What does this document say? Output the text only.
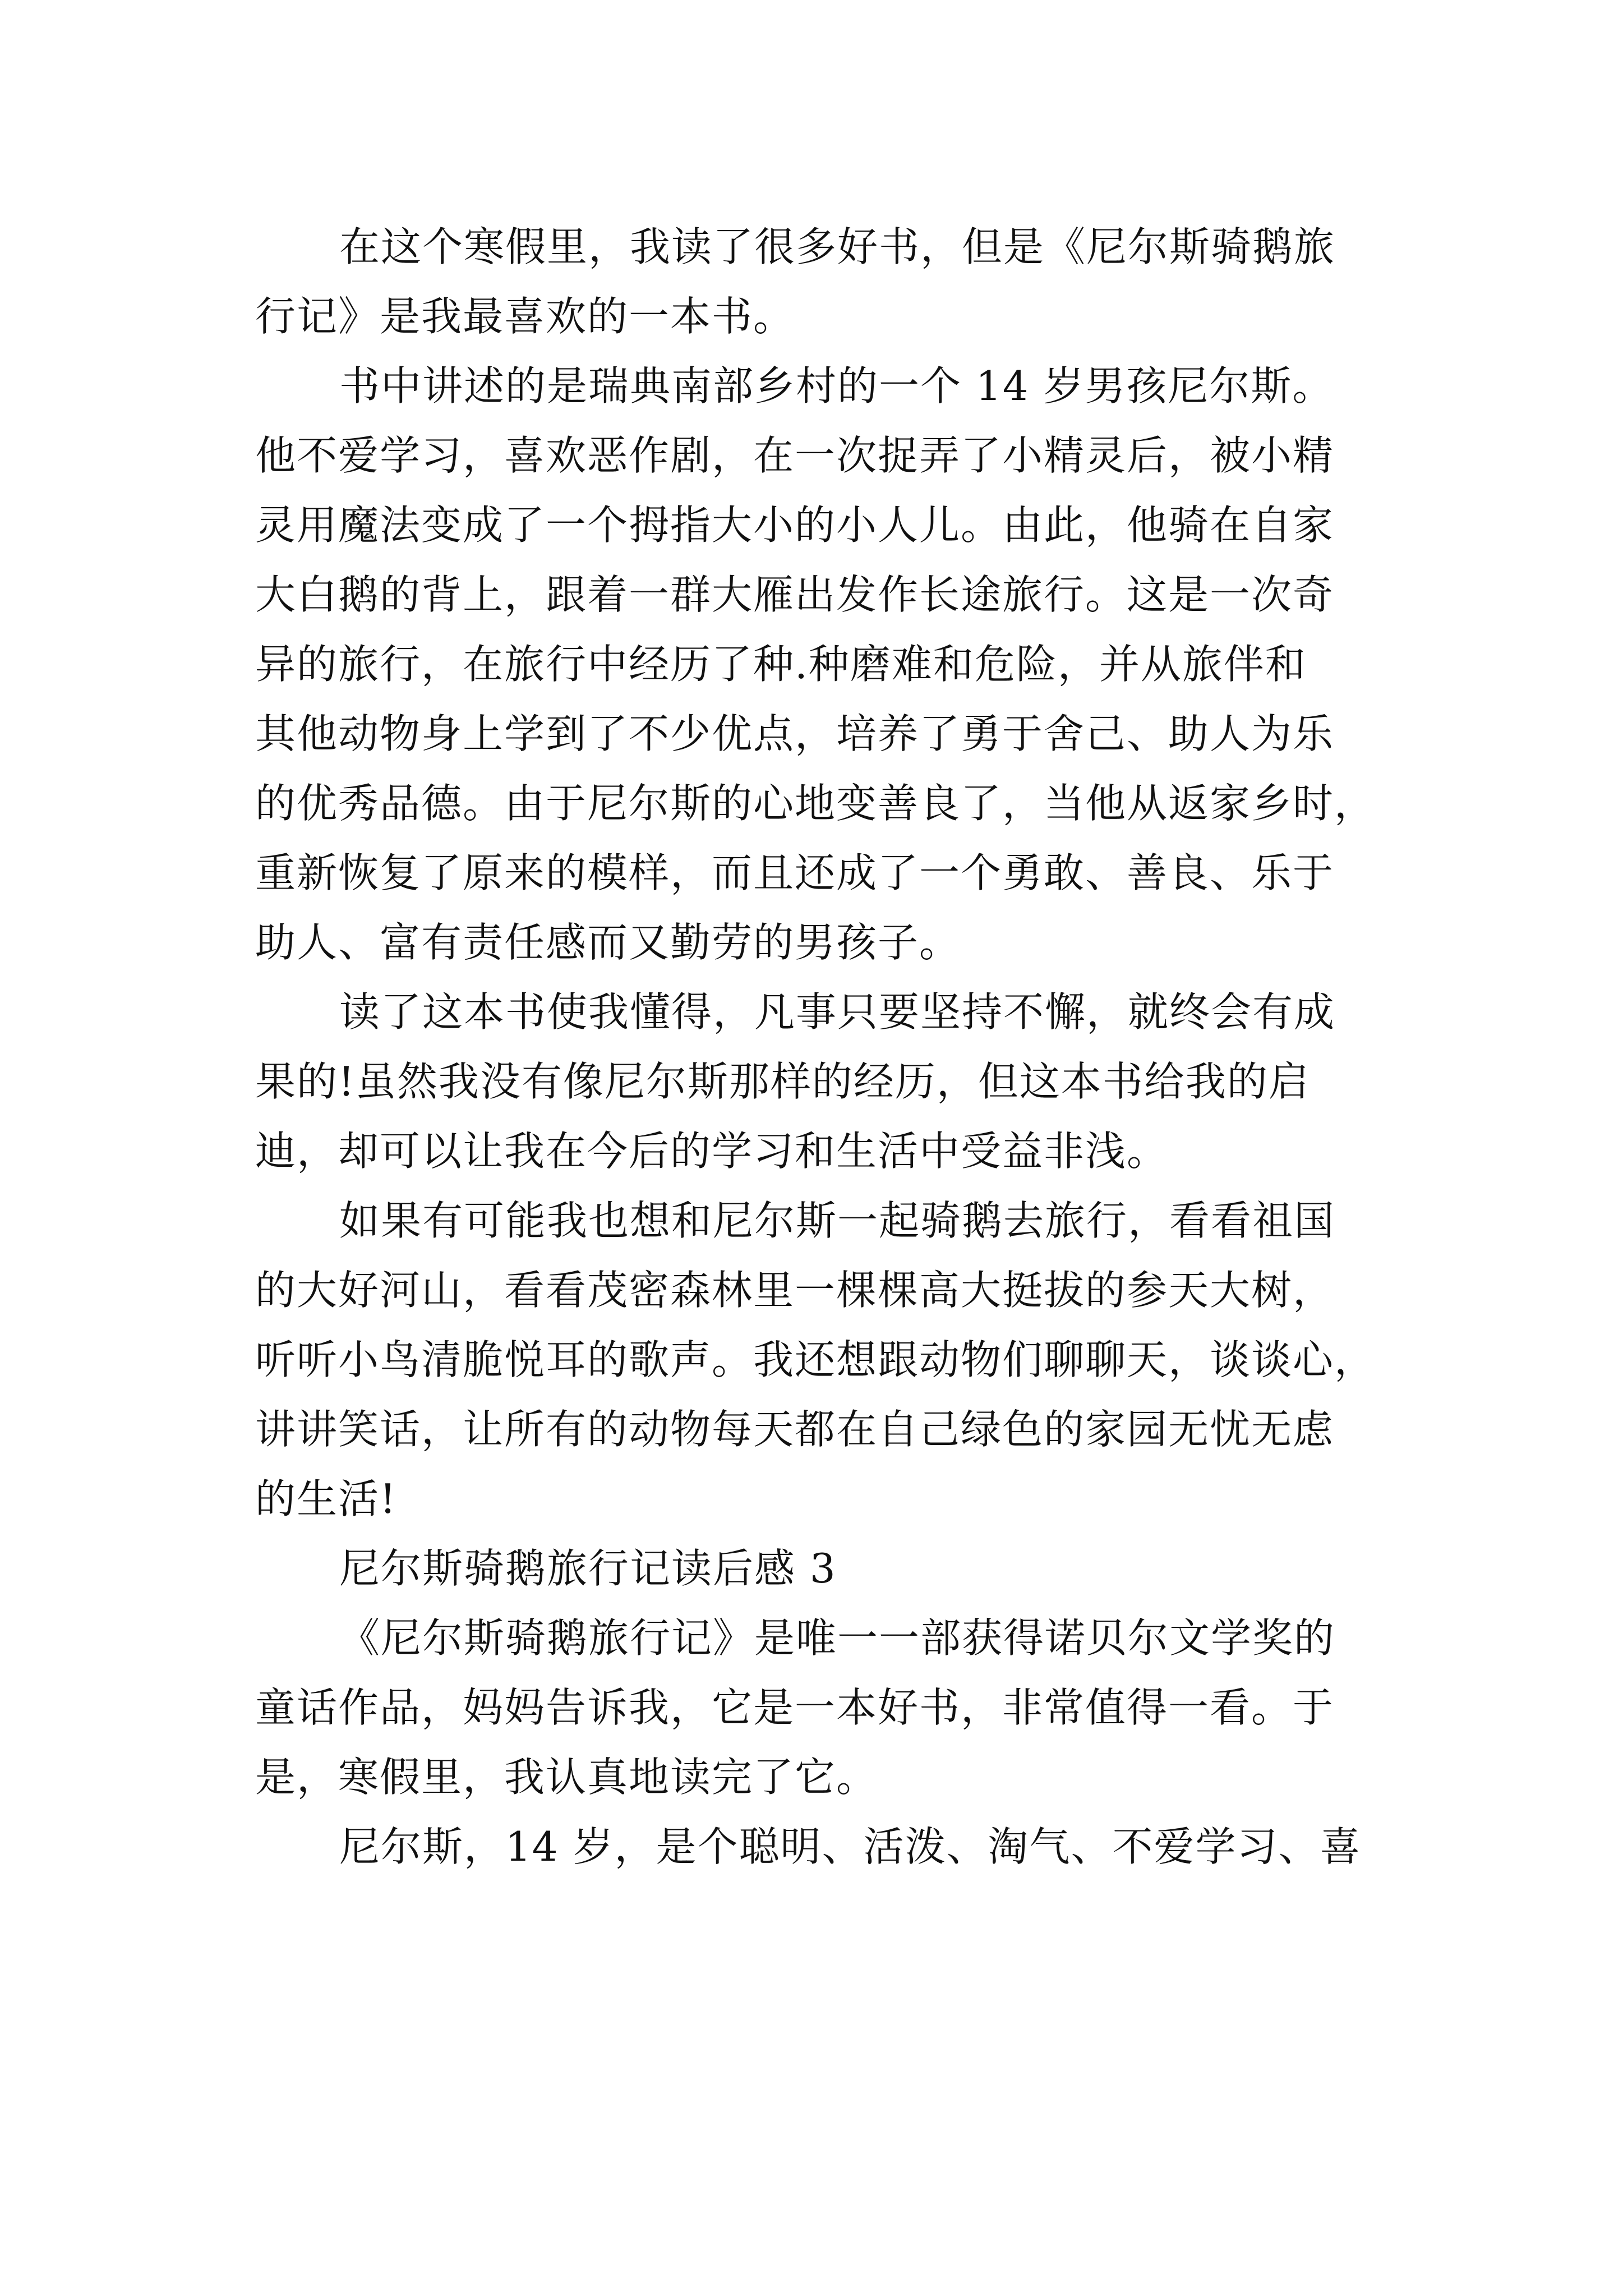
在这个寒假里，我读了很多好书，但是《尼尔斯骑鹅旅
行记》是我最喜欢的一本书。
书中讲述的是瑞典南部乡村的一个 14 岁男孩尼尔斯。
他不爱学习，喜欢恶作剧，在一次捉弄了小精灵后，被小精
灵用魔法变成了一个拇指大小的小人儿。由此，他骑在自家
大白鹅的背上，跟着一群大雁出发作长途旅行。这是一次奇
异的旅行，在旅行中经历了种.种磨难和危险，并从旅伴和
其他动物身上学到了不少优点，培养了勇于舍己、助人为乐
的优秀品德。由于尼尔斯的心地变善良了，当他从返家乡时，
重新恢复了原来的模样，而且还成了一个勇敢、善良、乐于
助人、富有责任感而又勤劳的男孩子。
读了这本书使我懂得，凡事只要坚持不懈，就终会有成
果的!虽然我没有像尼尔斯那样的经历，但这本书给我的启
迪，却可以让我在今后的学习和生活中受益非浅。
如果有可能我也想和尼尔斯一起骑鹅去旅行，看看祖国
的大好河山，看看茂密森林里一棵棵高大挺拔的参天大树，
听听小鸟清脆悦耳的歌声。我还想跟动物们聊聊天，谈谈心，
讲讲笑话，让所有的动物每天都在自己绿色的家园无忧无虑
的生活!
尼尔斯骑鹅旅行记读后感 3
《尼尔斯骑鹅旅行记》是唯一一部获得诺贝尔文学奖的
童话作品，妈妈告诉我，它是一本好书，非常值得一看。于
是，寒假里，我认真地读完了它。
尼尔斯，14 岁，是个聪明、活泼、淘气、不爱学习、喜
